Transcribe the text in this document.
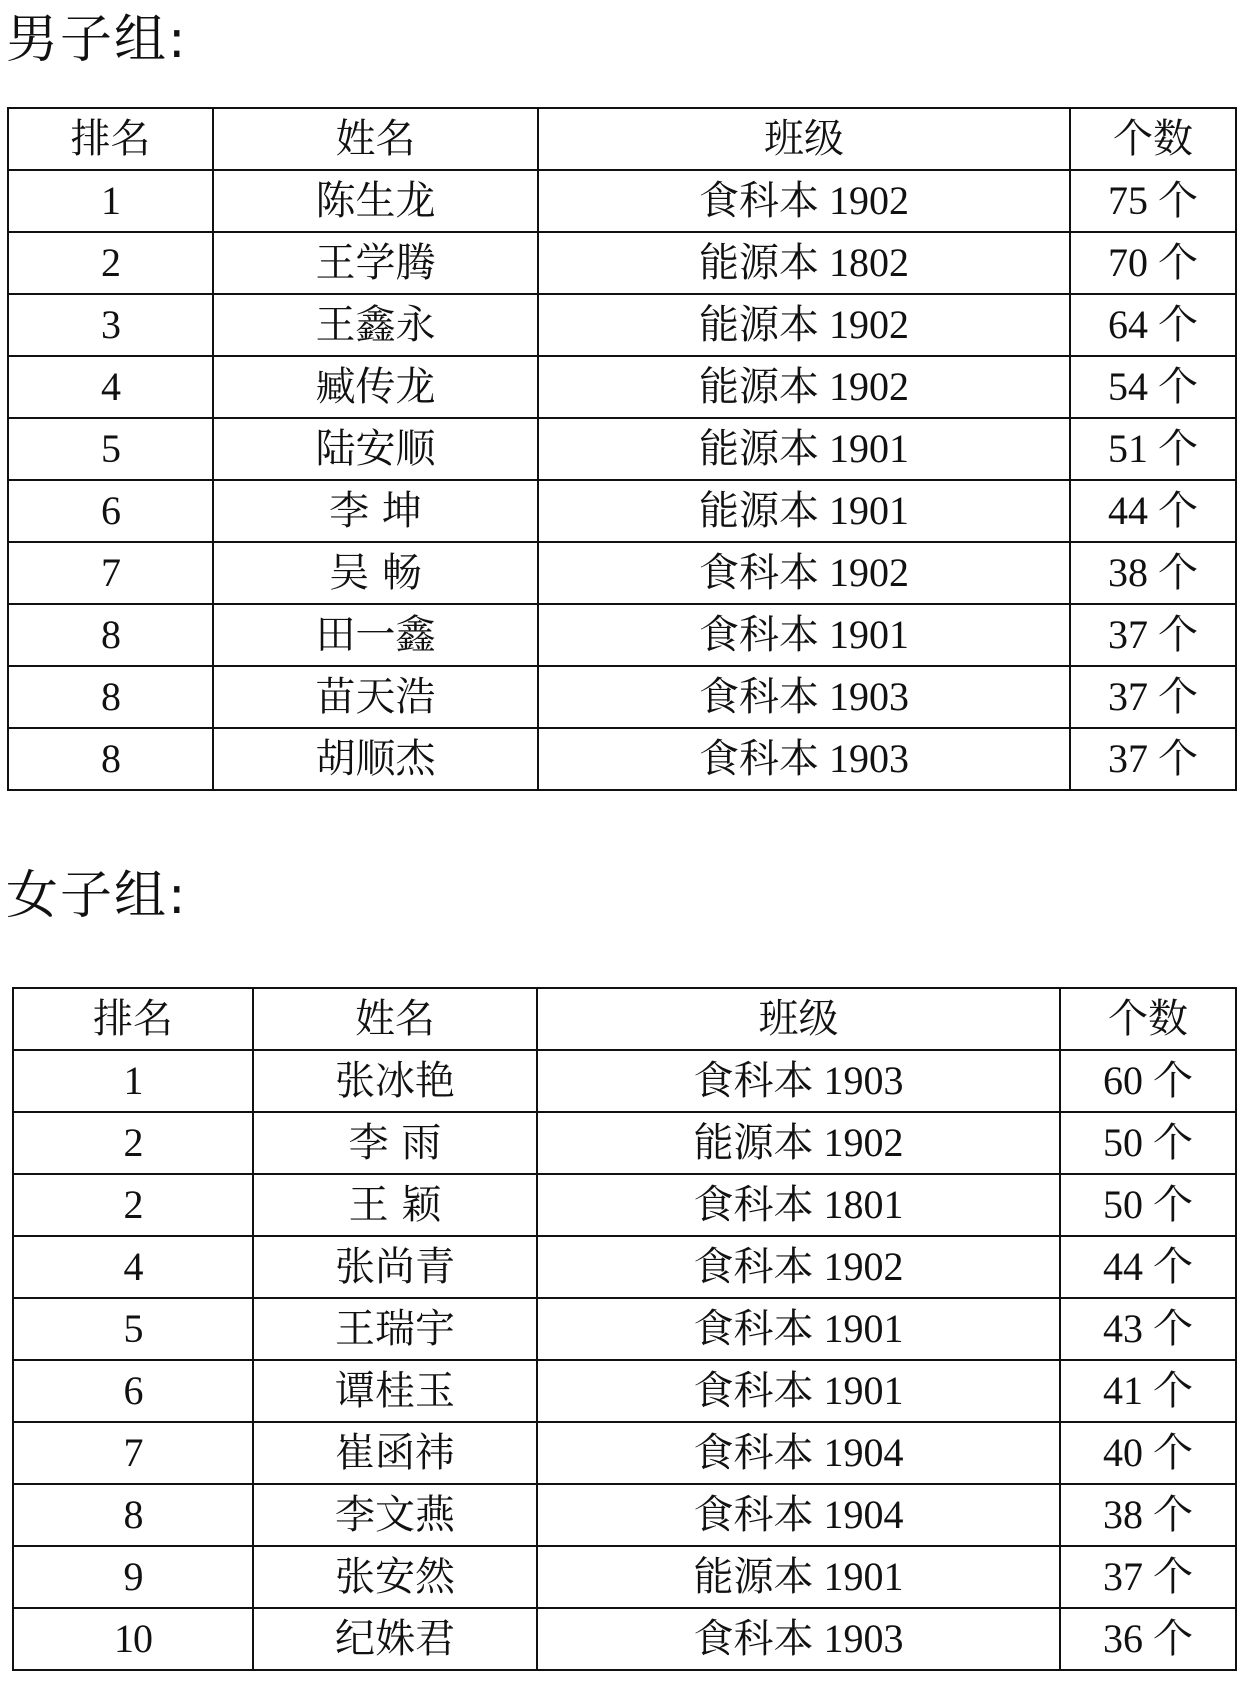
男子组:
排名	姓名	班级	个数
1	陈生龙	食科本 1902	75 个
2	王学腾	能源本 1802	70 个
3	王鑫永	能源本 1902	64 个
4	臧传龙	能源本 1902	54 个
5	陆安顺	能源本 1901	51 个
6	李 坤	能源本 1901	44 个
7	吴 畅	食科本 1902	38 个
8	田一鑫	食科本 1901	37 个
8	苗天浩	食科本 1903	37 个
8	胡顺杰	食科本 1903	37 个
女子组:
排名	姓名	班级	个数
1	张冰艳	食科本 1903	60 个
2	李 雨	能源本 1902	50 个
2	王 颖	食科本 1801	50 个
4	张尚青	食科本 1902	44 个
5	王瑞宇	食科本 1901	43 个
6	谭桂玉	食科本 1901	41 个
7	崔函祎	食科本 1904	40 个
8	李文燕	食科本 1904	38 个
9	张安然	能源本 1901	37 个
10	纪姝君	食科本 1903	36 个
